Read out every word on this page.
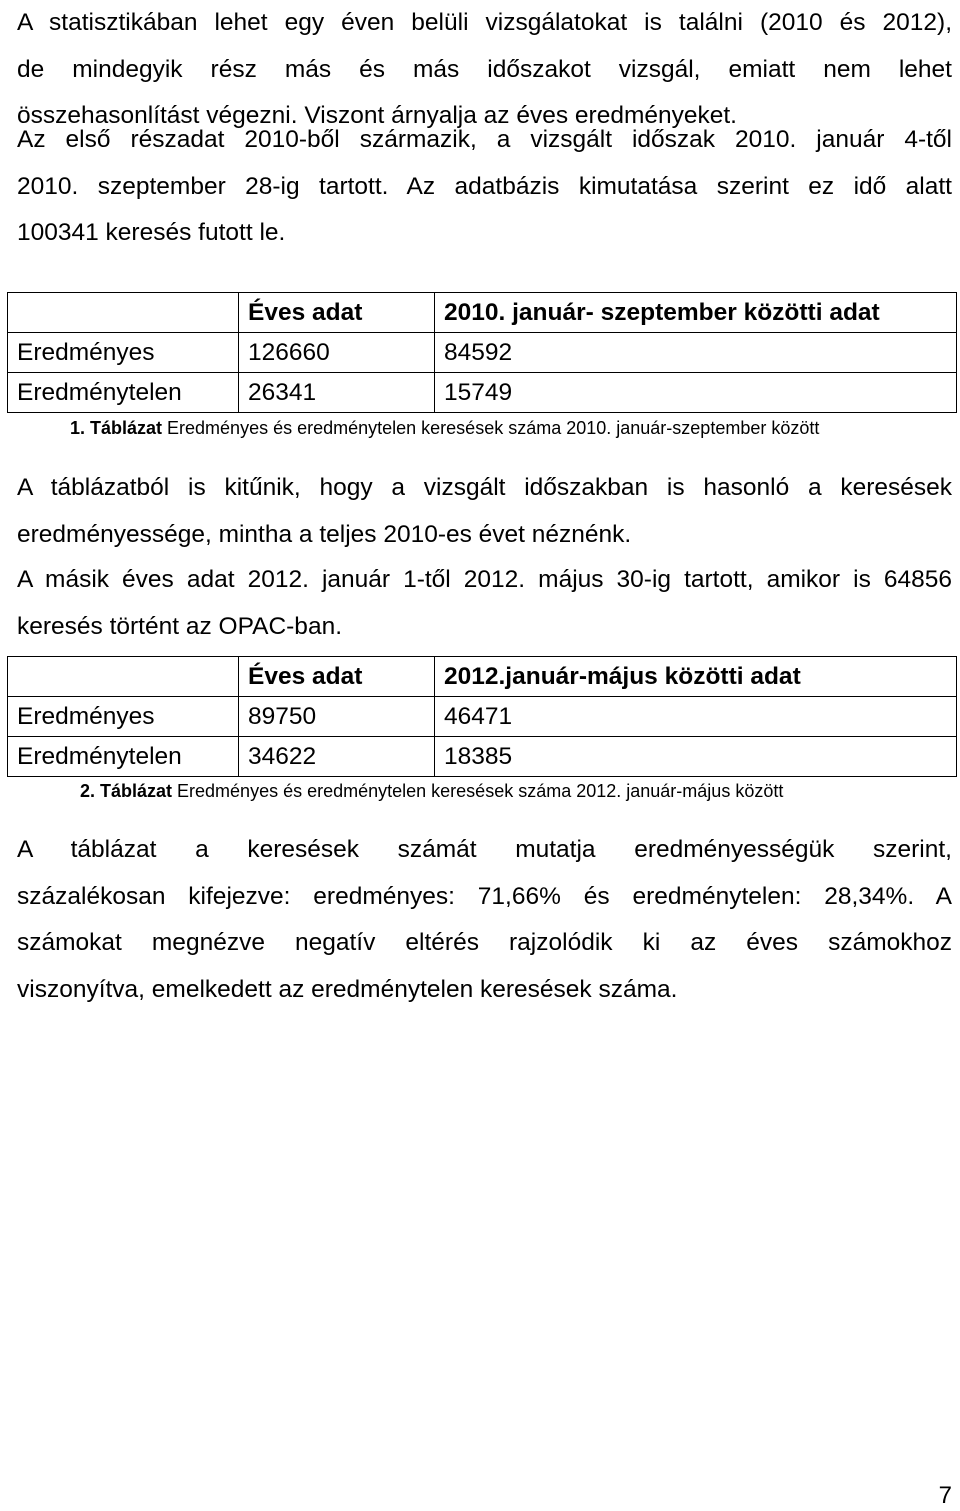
A statisztikában lehet egy éven belüli vizsgálatokat is találni (2010 és 2012),
de mindegyik rész más és más időszakot vizsgál, emiatt nem lehet
összehasonlítást végezni. Viszont árnyalja az éves eredményeket.
Az első részadat 2010-ből származik, a vizsgált időszak 2010. január 4-től
2010. szeptember 28-ig tartott. Az adatbázis kimutatása szerint ez idő alatt
100341 keresés futott le.
	Éves adat	2010. január- szeptember közötti adat
Eredményes	126660	84592
Eredménytelen	26341	15749
1. Táblázat Eredményes és eredménytelen keresések száma 2010. január-szeptember között
A táblázatból is kitűnik, hogy a vizsgált időszakban is hasonló a keresések
eredményessége, mintha a teljes 2010-es évet néznénk.
A másik éves adat 2012. január 1-től 2012. május 30-ig tartott, amikor is 64856
keresés történt az OPAC-ban.
	Éves adat	2012.január-május közötti adat
Eredményes	89750	46471
Eredménytelen	34622	18385
2. Táblázat Eredményes és eredménytelen keresések száma 2012. január-május között
A táblázat a keresések számát mutatja eredményességük szerint,
százalékosan kifejezve: eredményes: 71,66% és eredménytelen: 28,34%. A
számokat megnézve negatív eltérés rajzolódik ki az éves számokhoz
viszonyítva, emelkedett az eredménytelen keresések száma.
7
